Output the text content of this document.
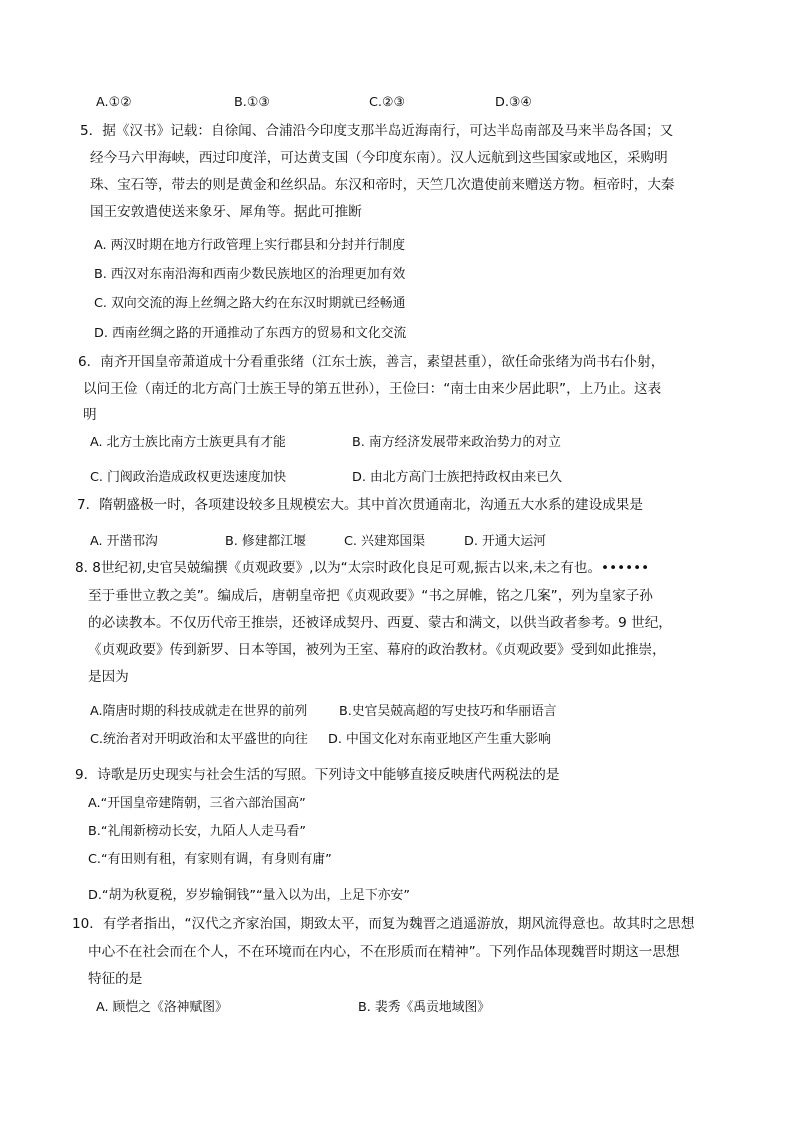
A.①②	B.①③	C.②③	D.③④
5．据《汉书》记载：自徐闻、合浦沿今印度支那半岛近海南行，可达半岛南部及马来半岛各国；又
经今马六甲海峡，西过印度洋，可达黄支国（今印度东南）。汉人远航到这些国家或地区，采购明
珠、宝石等，带去的则是黄金和丝织品。东汉和帝时，天竺几次遣使前来赠送方物。桓帝时，大秦
国王安敦遣使送来象牙、犀角等。据此可推断
A. 两汉时期在地方行政管理上实行郡县和分封并行制度
B. 西汉对东南沿海和西南少数民族地区的治理更加有效
C. 双向交流的海上丝绸之路大约在东汉时期就已经畅通
D. 西南丝绸之路的开通推动了东西方的贸易和文化交流
6．南齐开国皇帝萧道成十分看重张绪（江东士族，善言，素望甚重），欲任命张绪为尚书右仆射，
以问王俭（南迁的北方高门士族王导的第五世孙），王俭曰：“南士由来少居此职”，上乃止。这表
明
A. 北方士族比南方士族更具有才能	B. 南方经济发展带来政治势力的对立
C. 门阀政治造成政权更迭速度加快	D. 由北方高门士族把持政权由来已久
7．隋朝盛极一时，各项建设较多且规模宏大。其中首次贯通南北，沟通五大水系的建设成果是
A. 开凿邗沟	B. 修建都江堰	C. 兴建郑国渠	D. 开通大运河
8. 8世纪初,史官吴兢编撰《贞观政要》,以为“太宗时政化良足可观,振古以来,未之有也。••••••
至于垂世立教之美”。编成后，唐朝皇帝把《贞观政要》“书之屏帷，铭之几案”，列为皇家子孙
的必读教本。不仅历代帝王推崇，还被译成契丹、西夏、蒙古和满文，以供当政者参考。9 世纪，
《贞观政要》传到新罗、日本等国，被列为王室、幕府的政治教材。《贞观政要》受到如此推崇，
是因为
A.隋唐时期的科技成就走在世界的前列 B.史官吴兢高超的写史技巧和华丽语言
C.统治者对开明政治和太平盛世的向往 D. 中国文化对东南亚地区产生重大影响
9．诗歌是历史现实与社会生活的写照。下列诗文中能够直接反映唐代两税法的是
A.“开国皇帝建隋朝，三省六部治国高”
B.“礼闱新榜动长安，九陌人人走马看”
C.“有田则有租，有家则有调，有身则有庸”
D.“胡为秋夏税，岁岁输铜钱”“量入以为出，上足下亦安”
10．有学者指出，“汉代之齐家治国，期致太平，而复为魏晋之逍遥游放，期风流得意也。故其时之思想
中心不在社会而在个人，不在环境而在内心，不在形质而在精神”。下列作品体现魏晋时期这一思想
特征的是
A. 顾恺之《洛神赋图》	B. 裴秀《禹贡地域图》
